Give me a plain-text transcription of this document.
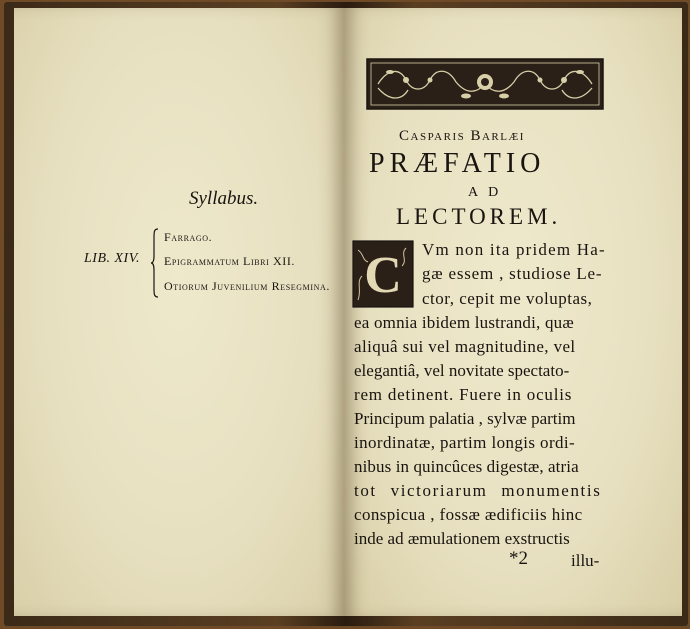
Syllabus.
LIB. XIV.
Farrago.
Epigrammatum Libri XII.
Otiorum Juvenilium Resegmina.
Casparis Barlæi
PRÆFATIO
AD
LECTOREM.
C Vm non ita pridem Ha-
gæ essem , studiose Le-
ctor, cepit me voluptas,
ea omnia ibidem lustrandi, quæ
aliquâ sui vel magnitudine, vel
elegantiâ, vel novitate spectato-
rem detinent. Fuere in oculis
Principum palatia , sylvæ partim
inordinatæ, partim longis ordi-
nibus in quincûces digestæ, atria
tot victoriarum monumentis
conspicua , fossæ ædificiis hinc
inde ad æmulationem exstructis
*2	illu-
